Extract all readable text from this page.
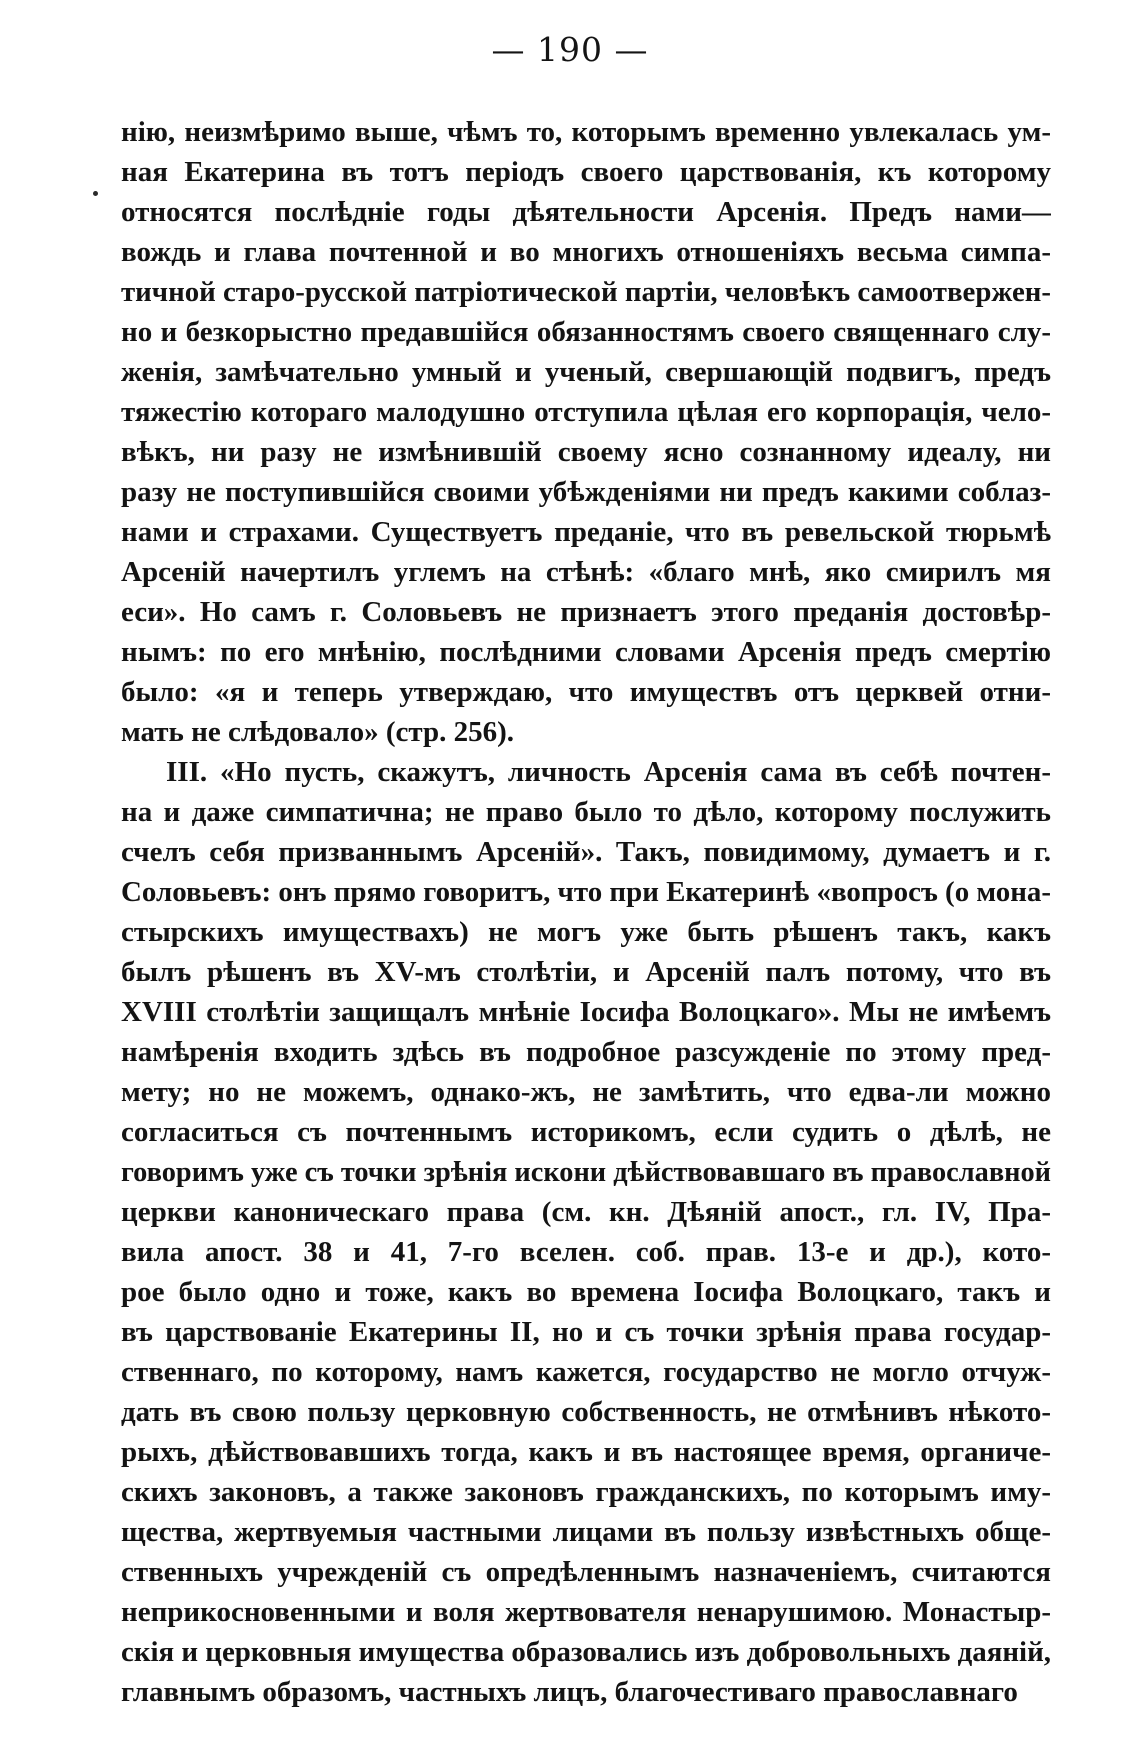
— 190 —
нію, неизмѣримо выше, чѣмъ то, которымъ временно увлекалась ум-
ная Екатерина въ тотъ періодъ своего царствованія, къ которому
относятся послѣдніе годы дѣятельности Арсенія. Предъ нами—
вождь и глава почтенной и во многихъ отношеніяхъ весьма симпа-
тичной старо-русской патріотической партіи, человѣкъ самоотвержен-
но и безкорыстно предавшійся обязанностямъ своего священнаго слу-
женія, замѣчательно умный и ученый, свершающій подвигъ, предъ
тяжестію котораго малодушно отступила цѣлая его корпорація, чело-
вѣкъ, ни разу не измѣнившій своему ясно сознанному идеалу, ни
разу не поступившійся своими убѣжденіями ни предъ какими соблаз-
нами и страхами. Существуетъ преданіе, что въ ревельской тюрьмѣ
Арсеній начертилъ углемъ на стѣнѣ: «благо мнѣ, яко смирилъ мя
еси». Но самъ г. Соловьевъ не признаетъ этого преданія достовѣр-
нымъ: по его мнѣнію, послѣдними словами Арсенія предъ смертію
было: «я и теперь утверждаю, что имуществъ отъ церквей отни-
мать не слѣдовало» (стр. 256).
III. «Но пусть, скажутъ, личность Арсенія сама въ себѣ почтен-
на и даже симпатична; не право было то дѣло, которому послужить
счелъ себя призваннымъ Арсеній». Такъ, повидимому, думаетъ и г.
Соловьевъ: онъ прямо говоритъ, что при Екатеринѣ «вопросъ (о мона-
стырскихъ имуществахъ) не могъ уже быть рѣшенъ такъ, какъ
былъ рѣшенъ въ XV-мъ столѣтіи, и Арсеній палъ потому, что въ
XVIII столѣтіи защищалъ мнѣніе Іосифа Волоцкаго». Мы не имѣемъ
намѣренія входить здѣсь въ подробное разсужденіе по этому пред-
мету; но не можемъ, однако-жъ, не замѣтить, что едва-ли можно
согласиться съ почтеннымъ историкомъ, если судить о дѣлѣ, не
говоримъ уже съ точки зрѣнія искони дѣйствовавшаго въ православной
церкви каноническаго права (см. кн. Дѣяній апост., гл. IV, Пра-
вила апост. 38 и 41, 7-го вселен. соб. прав. 13-е и др.), кото-
рое было одно и тоже, какъ во времена Іосифа Волоцкаго, такъ и
въ царствованіе Екатерины II, но и съ точки зрѣнія права государ-
ственнаго, по которому, намъ кажется, государство не могло отчуж-
дать въ свою пользу церковную собственность, не отмѣнивъ нѣкото-
рыхъ, дѣйствовавшихъ тогда, какъ и въ настоящее время, органиче-
скихъ законовъ, а также законовъ гражданскихъ, по которымъ иму-
щества, жертвуемыя частными лицами въ пользу извѣстныхъ обще-
ственныхъ учрежденій съ опредѣленнымъ назначеніемъ, считаются
неприкосновенными и воля жертвователя ненарушимою. Монастыр-
скія и церковныя имущества образовались изъ добровольныхъ даяній,
главнымъ образомъ, частныхъ лицъ, благочестиваго православнаго
